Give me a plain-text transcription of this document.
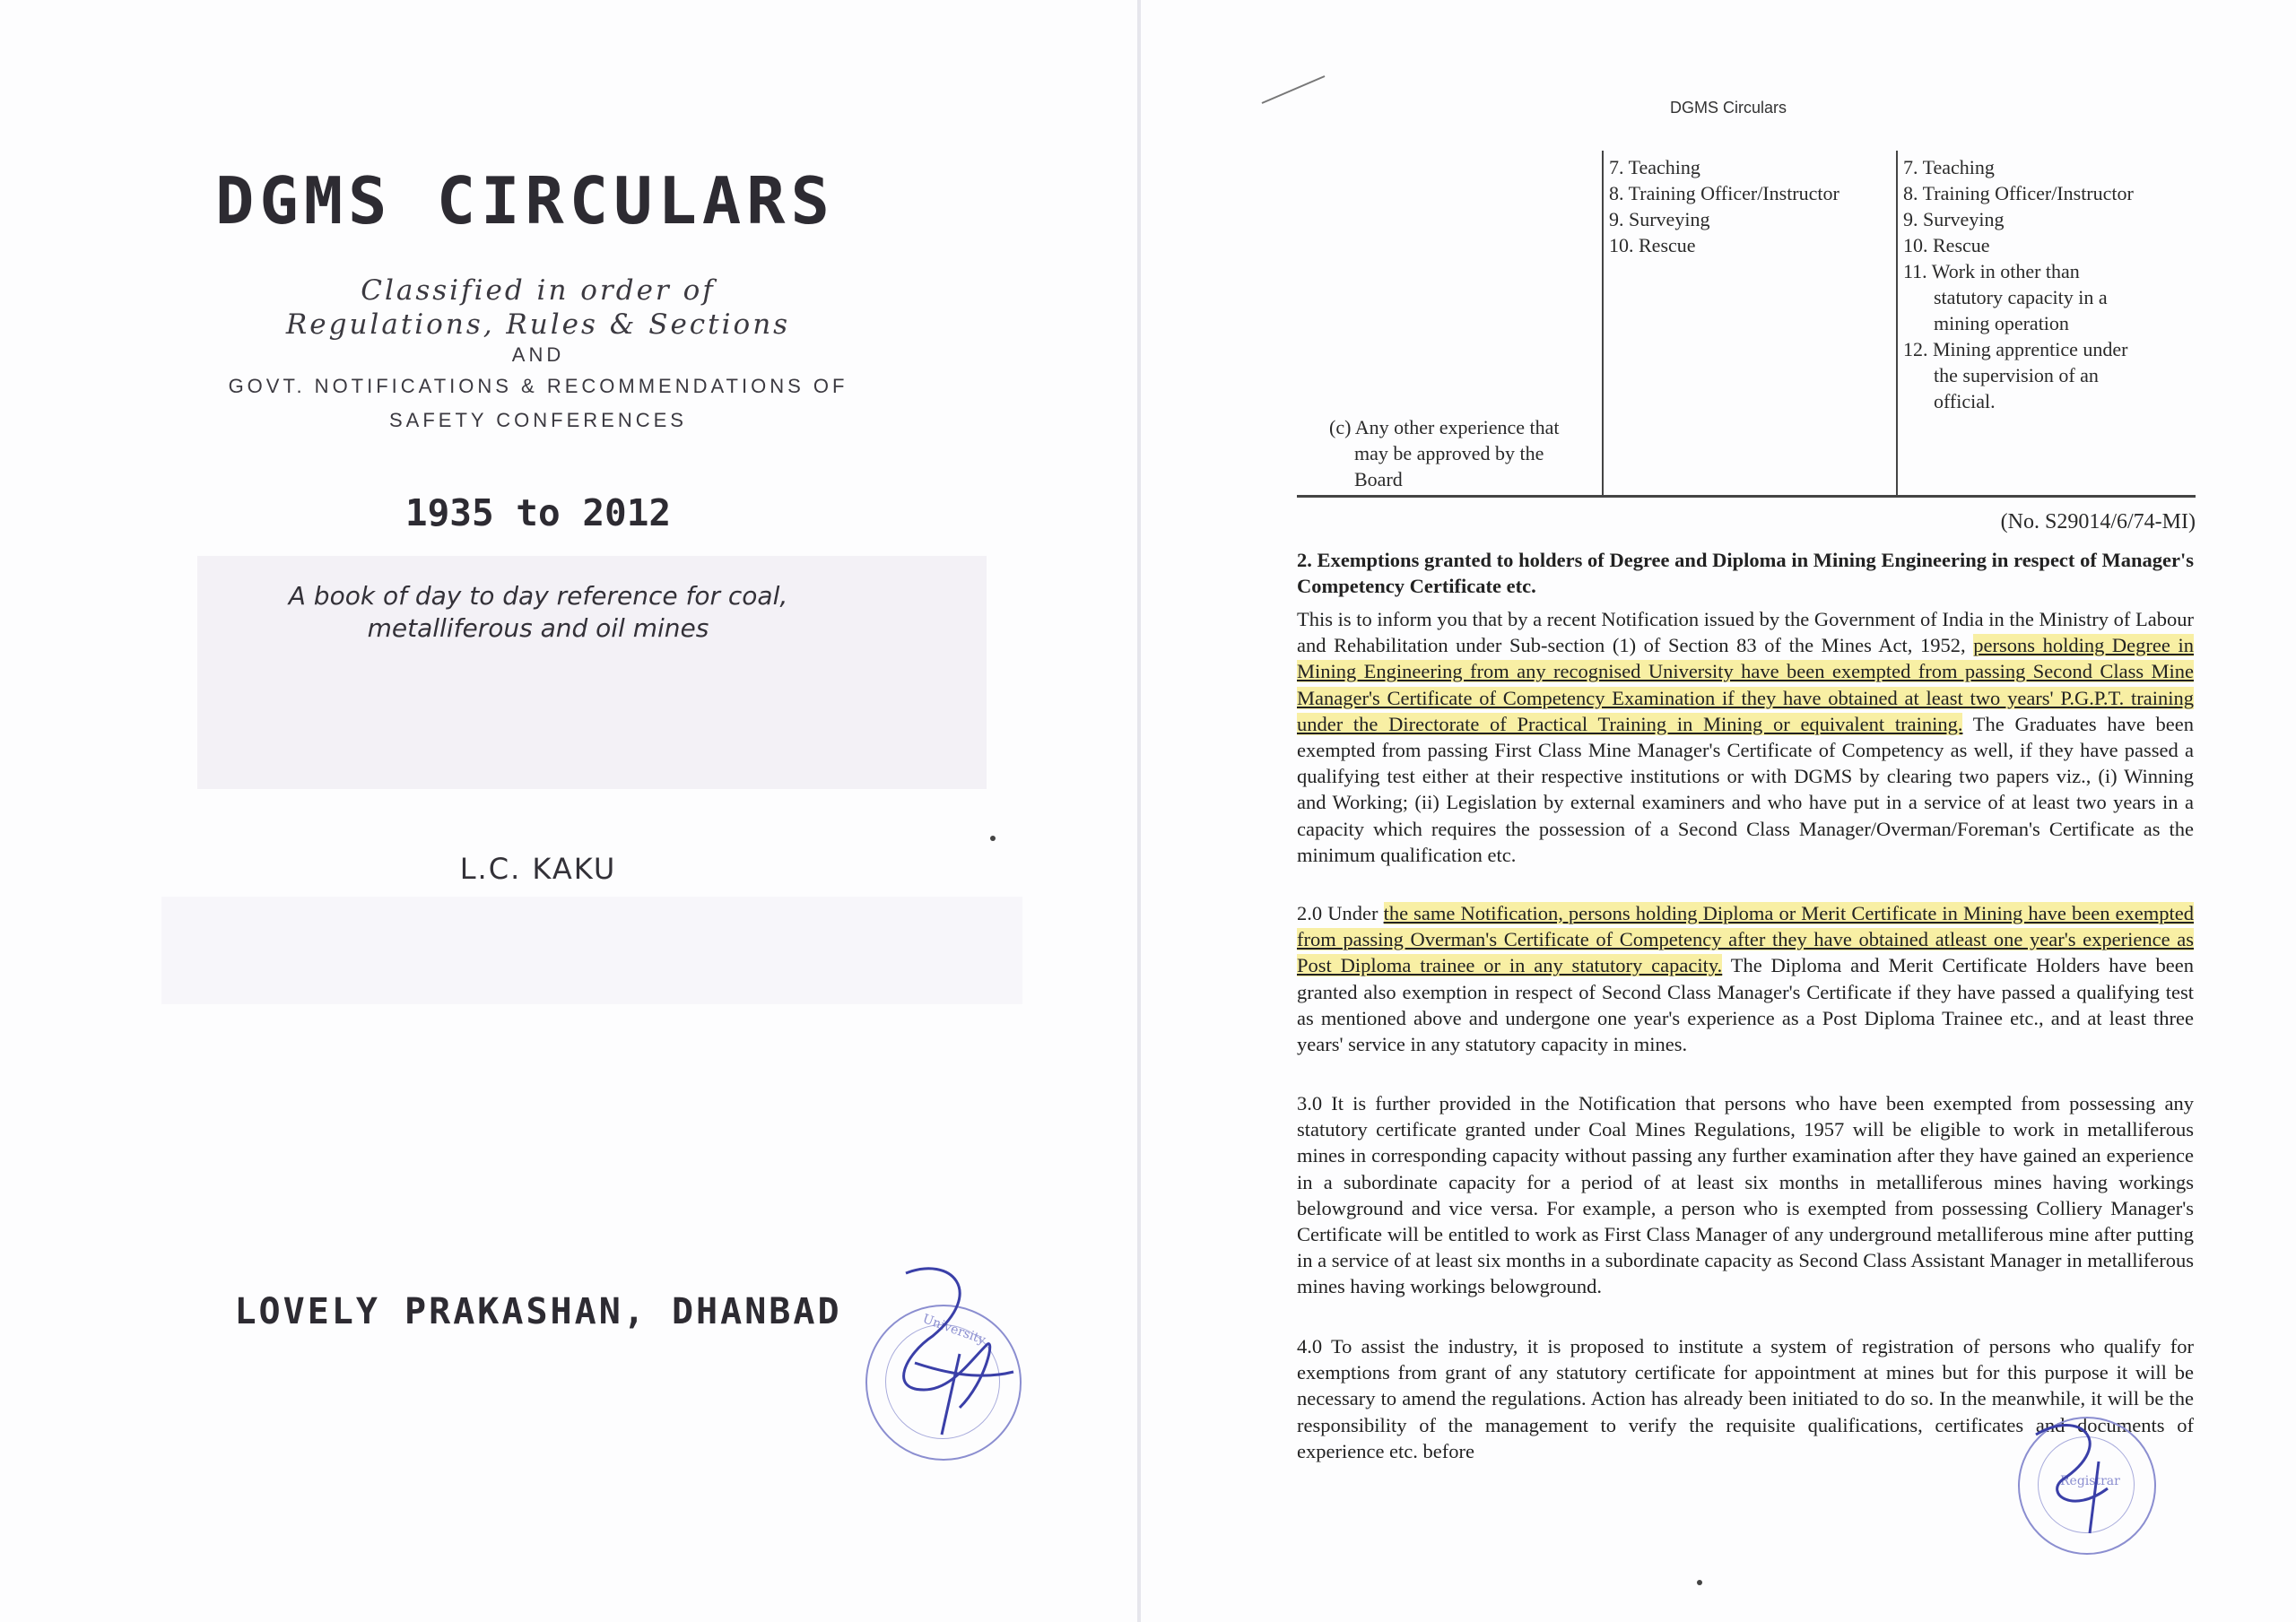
DGMS CIRCULARS
Classified in order of
Regulations, Rules & Sections
AND
GOVT. NOTIFICATIONS & RECOMMENDATIONS OF
SAFETY CONFERENCES
1935 to 2012
A book of day to day reference for coal,
metalliferous and oil mines
L.C. KAKU
LOVELY PRAKASHAN, DHANBAD	University
DGMS Circulars
7. Teaching
8. Training Officer/Instructor
9. Surveying
10. Rescue
(c) Any other experience that
may be approved by the
Board
7. Teaching
8. Training Officer/Instructor
9. Surveying
10. Rescue
11. Work in other than
statutory capacity in a
mining operation
12. Mining apprentice under
the supervision of an
official.
(No. S29014/6/74-MI)
2. Exemptions granted to holders of Degree and Diploma in Mining Engineering in respect of Manager's Competency Certificate etc.
This is to inform you that by a recent Notification issued by the Government of India in the Ministry of Labour and Rehabilitation under Sub-section (1) of Section 83 of the Mines Act, 1952, persons holding Degree in Mining Engineering from any recognised University have been exempted from passing Second Class Mine Manager's Certificate of Competency Examination if they have obtained at least two years' P.G.P.T. training under the Directorate of Practical Training in Mining or equivalent training. The Graduates have been exempted from passing First Class Mine Manager's Certificate of Competency as well, if they have passed a qualifying test either at their respective institutions or with DGMS by clearing two papers viz., (i) Winning and Working; (ii) Legislation by external examiners and who have put in a service of at least two years in a capacity which requires the possession of a Second Class Manager/Overman/Foreman's Certificate as the minimum qualification etc.
2.0 Under the same Notification, persons holding Diploma or Merit Certificate in Mining have been exempted from passing Overman's Certificate of Competency after they have obtained atleast one year's experience as Post Diploma trainee or in any statutory capacity. The Diploma and Merit Certificate Holders have been granted also exemption in respect of Second Class Manager's Certificate if they have passed a qualifying test as mentioned above and undergone one year's experience as a Post Diploma Trainee etc., and at least three years' service in any statutory capacity in mines.
3.0 It is further provided in the Notification that persons who have been exempted from possessing any statutory certificate granted under Coal Mines Regulations, 1957 will be eligible to work in metalliferous mines in corresponding capacity without passing any further examination after they have gained an experience in a subordinate capacity for a period of at least six months in metalliferous mines having workings belowground and vice versa. For example, a person who is exempted from possessing Colliery Manager's Certificate will be entitled to work as First Class Manager of any underground metalliferous mine after putting in a service of at least six months in a subordinate capacity as Second Class Assistant Manager in metalliferous mines having workings belowground.
4.0 To assist the industry, it is proposed to institute a system of registration of persons who qualify for exemptions from grant of any statutory certificate for appointment at mines but for this purpose it will be necessary to amend the regulations. Action has already been initiated to do so. In the meanwhile, it will be the responsibility of the management to verify the requisite qualifications, certificates and documents of experience etc. before
Registrar
